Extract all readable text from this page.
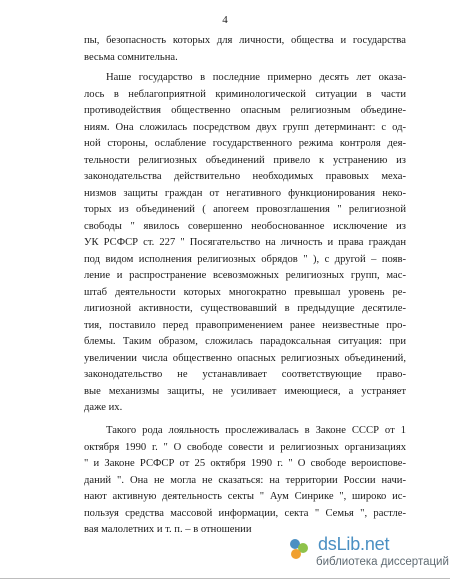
4
пы, безопасность которых для личности, общества и государства
весьма сомнительна.
Наше государство в последние примерно десять лет оказа-
лось в неблагоприятной криминологической ситуации в части
противодействия общественно опасным религиозным объедине-
ниям. Она сложилась посредством двух групп детерминант: с од-
ной стороны, ослабление государственного режима контроля дея-
тельности религиозных объединений привело к устранению из
законодательства действительно необходимых правовых меха-
низмов защиты граждан от негативного функционирования неко-
торых из объединений ( апогеем провозглашения " религиозной
свободы " явилось совершенно необоснованное исключение из
УК РСФСР ст. 227 " Посягательство на личность и права граждан
под видом исполнения религиозных обрядов " ), с другой – появ-
ление и распространение всевозможных религиозных групп, мас-
штаб деятельности которых многократно превышал уровень ре-
лигиозной активности, существовавший в предыдущие десятиле-
тия, поставило перед правоприменением ранее неизвестные про-
блемы. Таким образом, сложилась парадоксальная ситуация: при
увеличении числа общественно опасных религиозных объединений,
законодательство не устанавливает соответствующие право-
вые механизмы защиты, не усиливает имеющиеся, а устраняет
даже их.
Такого рода лояльность прослеживалась в Законе СССР от 1
октября 1990 г. " О свободе совести и религиозных организациях
" и Законе РСФСР от 25 октября 1990 г. " О свободе вероиспове-
даний ". Она не могла не сказаться: на территории России начи-
нают активную деятельность секты " Аум Синрике ", широко ис-
пользуя средства массовой информации, секта " Семья ", растле-
вая малолетних и т. п. – в отношении
dsLib.net
библиотека диссертаций
